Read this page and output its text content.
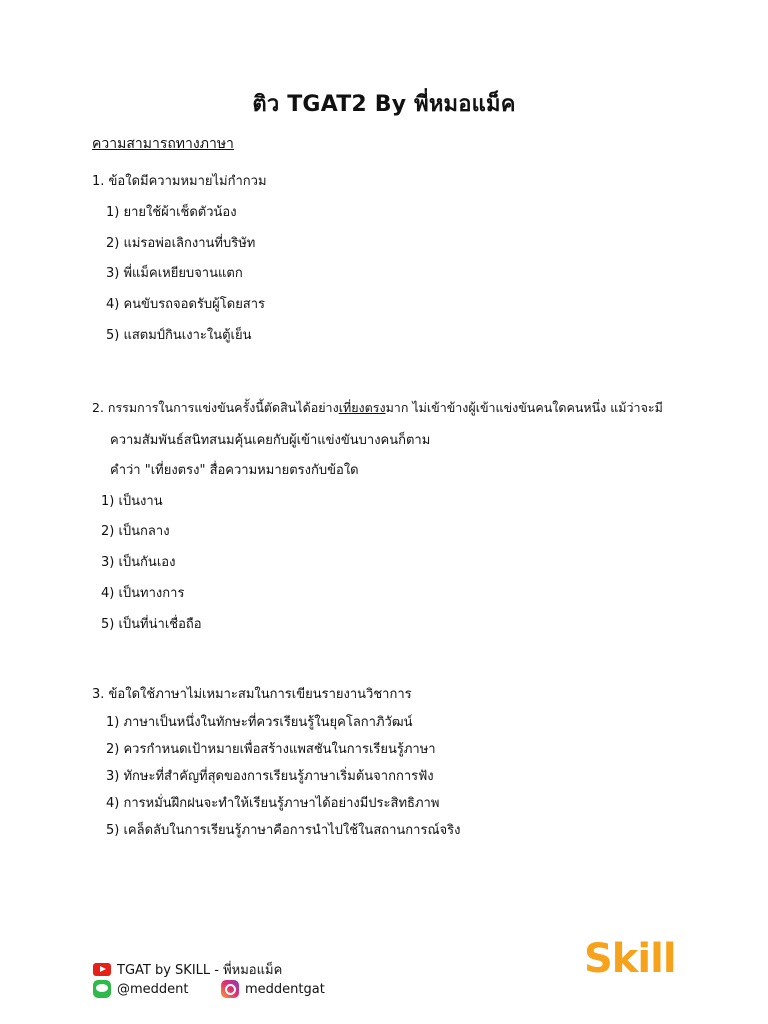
ติว TGAT2 By พี่หมอแม็ค
ความสามารถทางภาษา
1. ข้อใดมีความหมายไม่กำกวม
1) ยายใช้ผ้าเช็ดตัวน้อง
2) แม่รอพ่อเลิกงานที่บริษัท
3) พี่แม็คเหยียบจานแตก
4) คนขับรถจอดรับผู้โดยสาร
5) แสตมป์กินเงาะในตู้เย็น
2. กรรมการในการแข่งขันครั้งนี้ตัดสินได้อย่างเที่ยงตรงมาก ไม่เข้าข้างผู้เข้าแข่งขันคนใดคนหนึ่ง แม้ว่าจะมี
ความสัมพันธ์สนิทสนมคุ้นเคยกับผู้เข้าแข่งขันบางคนก็ตาม
คำว่า "เที่ยงตรง" สื่อความหมายตรงกับข้อใด
1) เป็นงาน
2) เป็นกลาง
3) เป็นกันเอง
4) เป็นทางการ
5) เป็นที่น่าเชื่อถือ
3. ข้อใดใช้ภาษาไม่เหมาะสมในการเขียนรายงานวิชาการ
1) ภาษาเป็นหนึ่งในทักษะที่ควรเรียนรู้ในยุคโลกาภิวัฒน์
2) ควรกำหนดเป้าหมายเพื่อสร้างแพสชันในการเรียนรู้ภาษา
3) ทักษะที่สำคัญที่สุดของการเรียนรู้ภาษาเริ่มต้นจากการฟัง
4) การหมั่นฝึกฝนจะทำให้เรียนรู้ภาษาได้อย่างมีประสิทธิภาพ
5) เคล็ดลับในการเรียนรู้ภาษาคือการนำไปใช้ในสถานการณ์จริง
TGAT by SKILL - พี่หมอแม็ค
@meddent	meddentgat
Skill
